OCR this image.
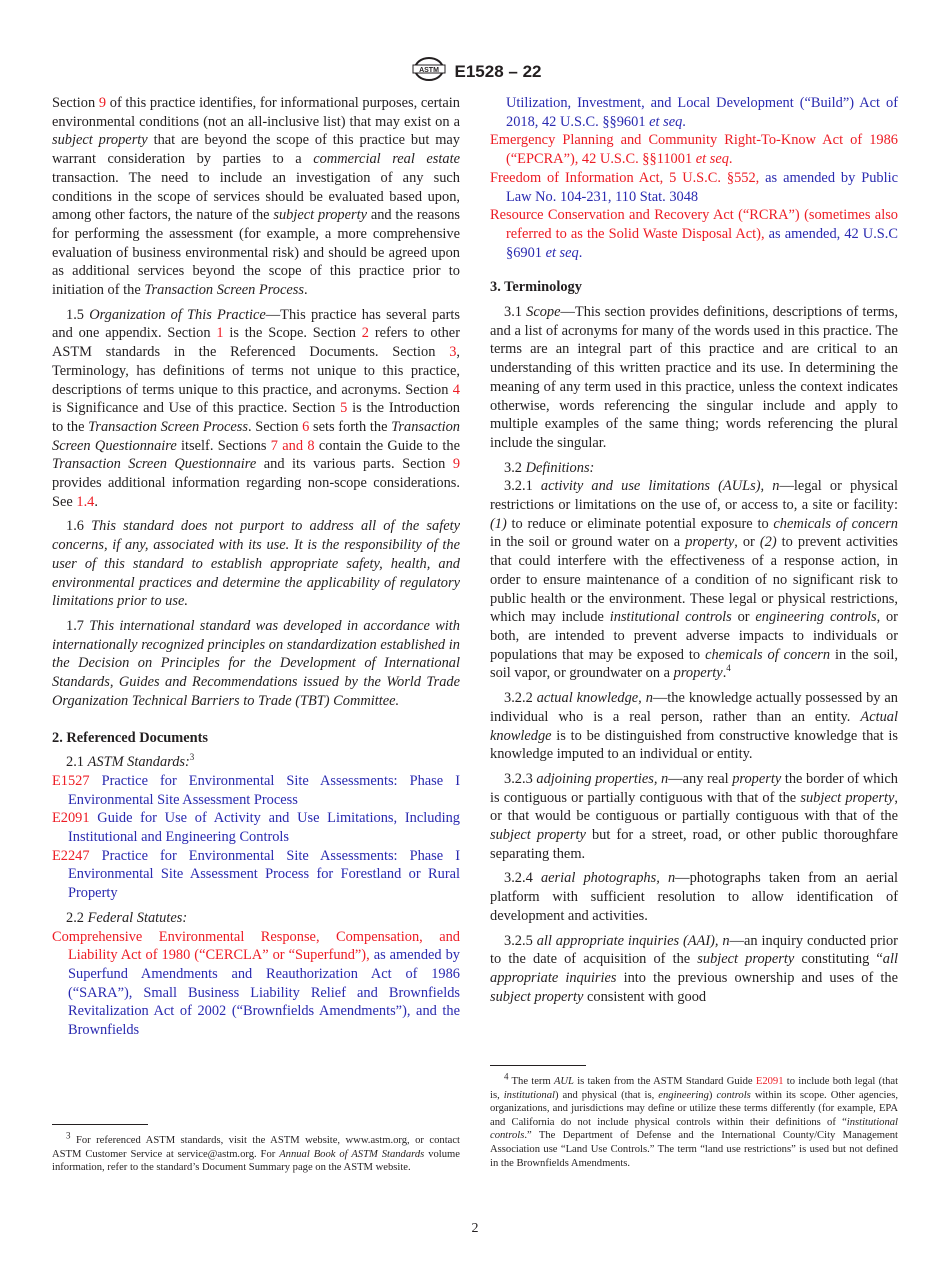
ASTM E1528 – 22

Section 9 of this practice identifies, for informational purposes, certain environmental conditions (not an all-inclusive list) that may exist on a subject property that are beyond the scope of this practice but may warrant consideration by parties to a commercial real estate transaction. The need to include an investigation of any such conditions in the scope of services should be evaluated based upon, among other factors, the nature of the subject property and the reasons for performing the assessment (for example, a more comprehensive evaluation of business environmental risk) and should be agreed upon as additional services beyond the scope of this practice prior to initiation of the Transaction Screen Process.

1.5 Organization of This Practice—This practice has several parts and one appendix. Section 1 is the Scope. Section 2 refers to other ASTM standards in the Referenced Documents. Section 3, Terminology, has definitions of terms not unique to this practice, descriptions of terms unique to this practice, and acronyms. Section 4 is Significance and Use of this practice. Section 5 is the Introduction to the Transaction Screen Process. Section 6 sets forth the Transaction Screen Questionnaire itself. Sections 7 and 8 contain the Guide to the Transaction Screen Questionnaire and its various parts. Section 9 provides additional information regarding non-scope considerations. See 1.4.

1.6 This standard does not purport to address all of the safety concerns, if any, associated with its use. It is the responsibility of the user of this standard to establish appropriate safety, health, and environmental practices and determine the applicability of regulatory limitations prior to use.

1.7 This international standard was developed in accordance with internationally recognized principles on standardization established in the Decision on Principles for the Development of International Standards, Guides and Recommendations issued by the World Trade Organization Technical Barriers to Trade (TBT) Committee.

2. Referenced Documents

2.1 ASTM Standards:$^3$

E1527 Practice for Environmental Site Assessments: Phase I Environmental Site Assessment Process
E2091 Guide for Use of Activity and Use Limitations, Including Institutional and Engineering Controls
E2247 Practice for Environmental Site Assessments: Phase I Environmental Site Assessment Process for Forestland or Rural Property

2.2 Federal Statutes:

Comprehensive Environmental Response, Compensation, and Liability Act of 1980 (“CERCLA” or “Superfund”), as amended by Superfund Amendments and Reauthorization Act of 1986 (“SARA”), Small Business Liability Relief and Brownfields Revitalization Act of 2002 (“Brownfields Amendments”), and the Brownfields
$^3$ For referenced ASTM standards, visit the ASTM website, www.astm.org, or contact ASTM Customer Service at service@astm.org. For Annual Book of ASTM Standards volume information, refer to the standard’s Document Summary page on the ASTM website.
Utilization, Investment, and Local Development (“Build”) Act of 2018, 42 U.S.C. §§9601 et seq.
Emergency Planning and Community Right-To-Know Act of 1986 (“EPCRA”), 42 U.S.C. §§11001 et seq.
Freedom of Information Act, 5 U.S.C. §552, as amended by Public Law No. 104-231, 110 Stat. 3048
Resource Conservation and Recovery Act (“RCRA”) (sometimes also referred to as the Solid Waste Disposal Act), as amended, 42 U.S.C §6901 et seq.
3. Terminology

3.1 Scope—This section provides definitions, descriptions of terms, and a list of acronyms for many of the words used in this practice. The terms are an integral part of this practice and are critical to an understanding of this written practice and its use. In determining the meaning of any term used in this practice, unless the context indicates otherwise, words referencing the singular include and apply to multiple examples of the same thing; words referencing the plural include the singular.

3.2 Definitions:

3.2.1 activity and use limitations (AULs), n—legal or physical restrictions or limitations on the use of, or access to, a site or facility: (1) to reduce or eliminate potential exposure to chemicals of concern in the soil or ground water on a property, or (2) to prevent activities that could interfere with the effectiveness of a response action, in order to ensure maintenance of a condition of no significant risk to public health or the environment. These legal or physical restrictions, which may include institutional controls or engineering controls, or both, are intended to prevent adverse impacts to individuals or populations that may be exposed to chemicals of concern in the soil, soil vapor, or groundwater on a property.$^4$

3.2.2 actual knowledge, n—the knowledge actually possessed by an individual who is a real person, rather than an entity. Actual knowledge is to be distinguished from constructive knowledge that is knowledge imputed to an individual or entity.

3.2.3 adjoining properties, n—any real property the border of which is contiguous or partially contiguous with that of the subject property, or that would be contiguous or partially contiguous with that of the subject property but for a street, road, or other public thoroughfare separating them.

3.2.4 aerial photographs, n—photographs taken from an aerial platform with sufficient resolution to allow identification of development and activities.

3.2.5 all appropriate inquiries (AAI), n—an inquiry conducted prior to the date of acquisition of the subject property constituting “all appropriate inquiries into the previous ownership and uses of the subject property consistent with good

$^4$ The term AUL is taken from the ASTM Standard Guide E2091 to include both legal (that is, institutional) and physical (that is, engineering) controls within its scope. Other agencies, organizations, and jurisdictions may define or utilize these terms differently (for example, EPA and California do not include physical controls within their definitions of “institutional controls.” The Department of Defense and the International County/City Management Association use “Land Use Controls.” The term “land use restrictions” is used but not defined in the Brownfields Amendments.
2
